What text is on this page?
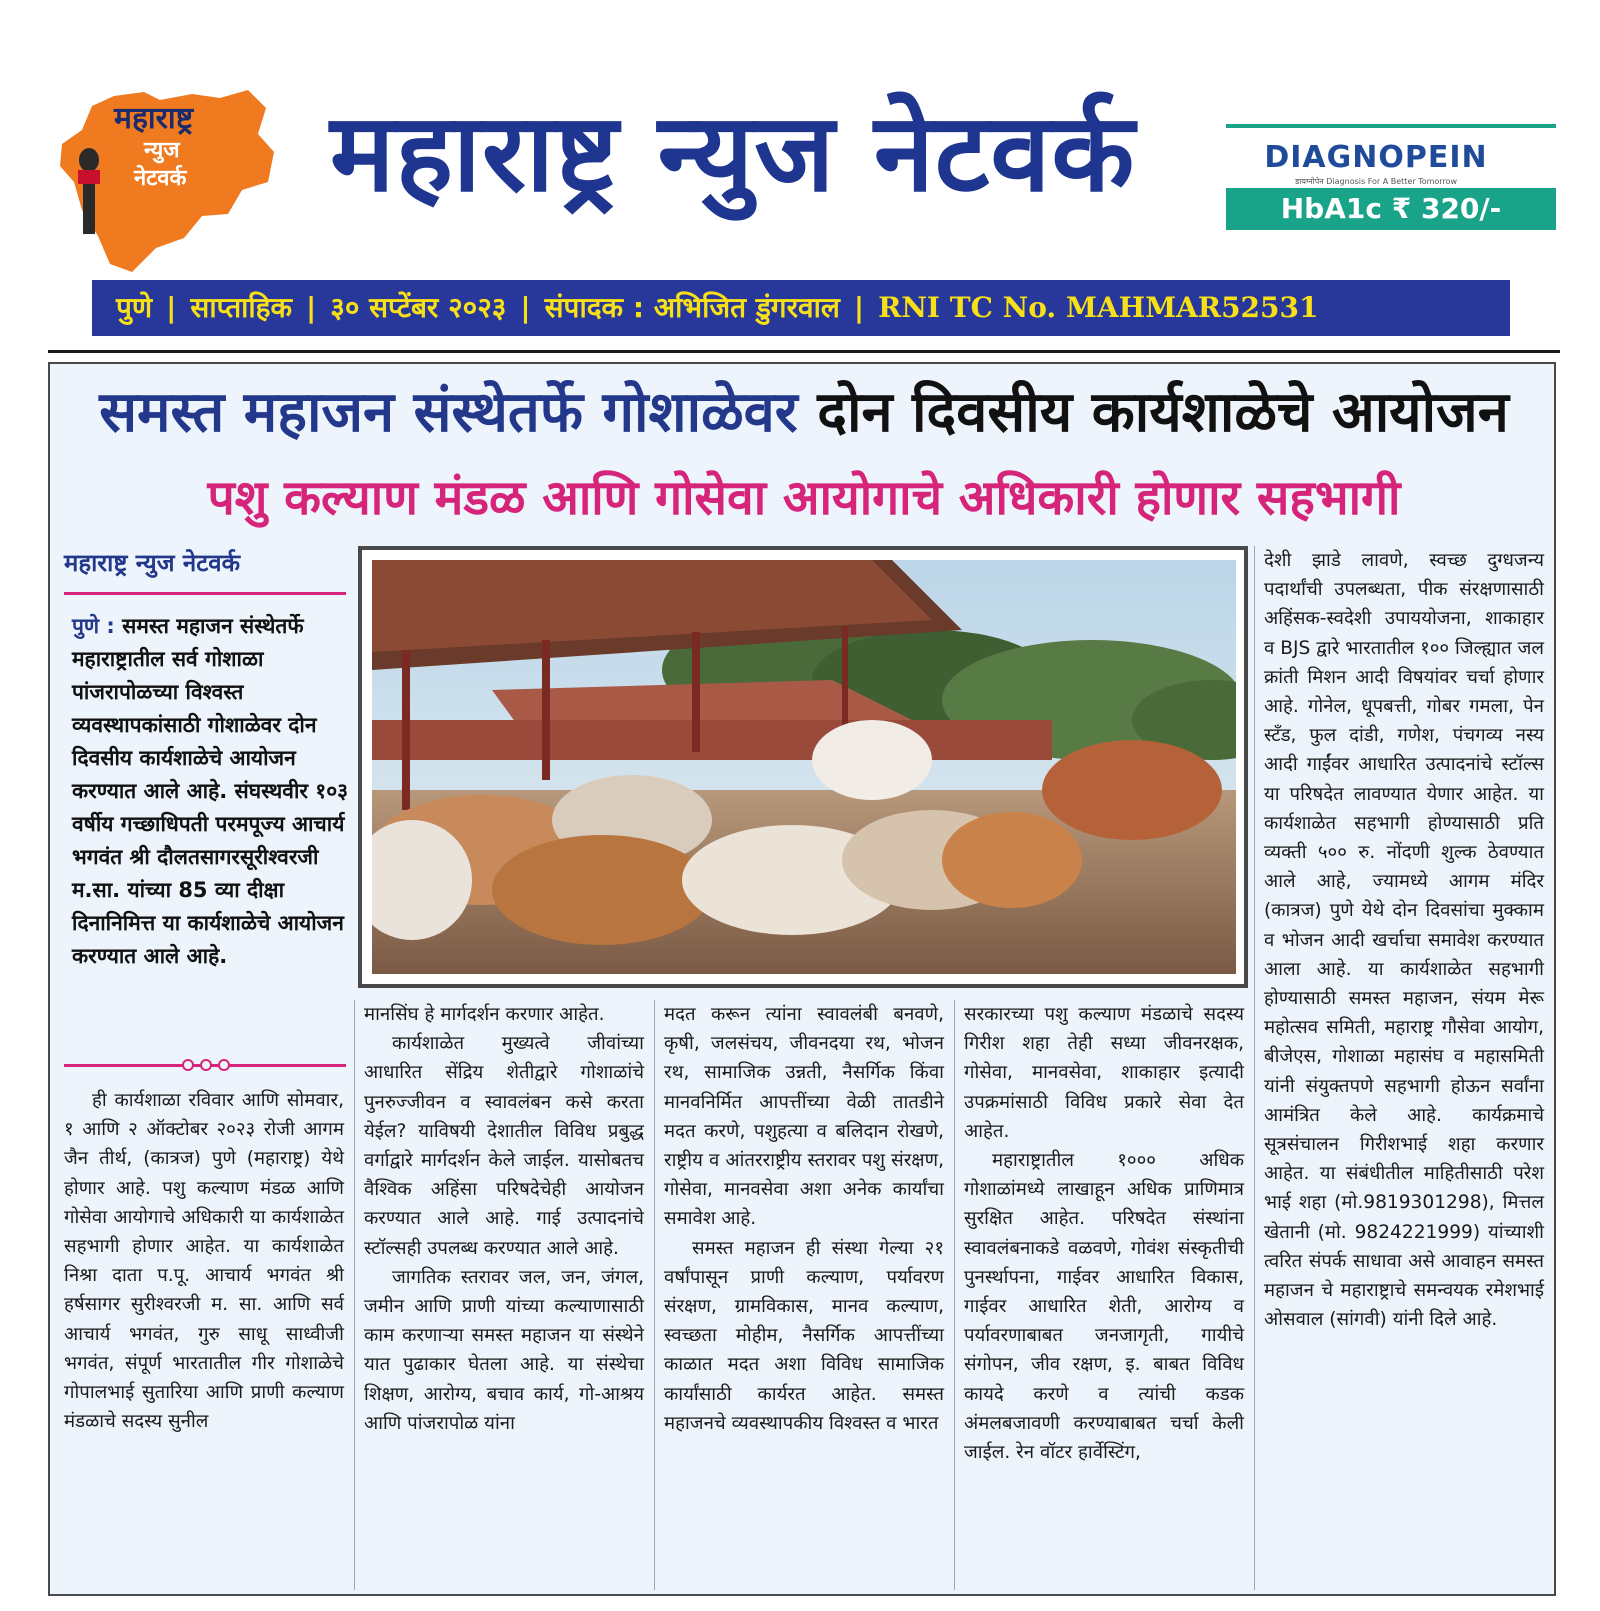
महाराष्ट्र
न्युज
नेटवर्क महाराष्ट्र न्युज नेटवर्क	DIAGNOPEIN
डायग्नोपेन Diagnosis For A Better Tomorrow
HbA1c ₹ 320/-
पुणे | साप्ताहिक | ३० सप्टेंबर २०२३ | संपादक : अभिजित डुंगरवाल | RNI TC No. MAHMAR52531
समस्त महाजन संस्थेतर्फे गोशाळेवर दोन दिवसीय कार्यशाळेचे आयोजन
पशु कल्याण मंडळ आणि गोसेवा आयोगाचे अधिकारी होणार सहभागी
महाराष्ट्र न्युज नेटवर्क
पुणे : समस्त महाजन संस्थेतर्फे महाराष्ट्रातील सर्व गोशाळा पांजरापोळच्या विश्वस्त व्यवस्थापकांसाठी गोशाळेवर दोन दिवसीय कार्यशाळेचे आयोजन करण्यात आले आहे. संघस्थवीर १०३ वर्षीय गच्छाधिपती परमपूज्य आचार्य भगवंत श्री दौलतसागरसूरीश्वरजी म.सा. यांच्या 85 व्या दीक्षा दिनानिमित्त या कार्यशाळेचे आयोजन करण्यात आले आहे.

ही कार्यशाळा रविवार आणि सोमवार, १ आणि २ ऑक्टोबर २०२३ रोजी आगम जैन तीर्थ, (कात्रज) पुणे (महाराष्ट्र) येथे होणार आहे. पशु कल्याण मंडळ आणि गोसेवा आयोगाचे अधिकारी या कार्यशाळेत सहभागी होणार आहेत. या कार्यशाळेत निश्रा दाता प.पू. आचार्य भगवंत श्री हर्षसागर सुरीश्वरजी म. सा. आणि सर्व आचार्य भगवंत, गुरु साधू साध्वीजी भगवंत, संपूर्ण भारतातील गीर गोशाळेचे गोपालभाई सुतारिया आणि प्राणी कल्याण मंडळाचे सदस्य सुनील

मानसिंघ हे मार्गदर्शन करणार आहेत.

कार्यशाळेत मुख्यत्वे जीवांच्या आधारित सेंद्रिय शेतीद्वारे गोशाळांचे पुनरुज्जीवन व स्वावलंबन कसे करता येईल? याविषयी देशातील विविध प्रबुद्ध वर्गाद्वारे मार्गदर्शन केले जाईल. यासोबतच वैश्विक अहिंसा परिषदेचेही आयोजन करण्यात आले आहे. गाई उत्पादनांचे स्टॉल्सही उपलब्ध करण्यात आले आहे.

जागतिक स्तरावर जल, जन, जंगल, जमीन आणि प्राणी यांच्या कल्याणासाठी काम करणाऱ्या समस्त महाजन या संस्थेने यात पुढाकार घेतला आहे. या संस्थेचा शिक्षण, आरोग्य, बचाव कार्य, गो-आश्रय आणि पांजरापोळ यांना

मदत करून त्यांना स्वावलंबी बनवणे, कृषी, जलसंचय, जीवनदया रथ, भोजन रथ, सामाजिक उन्नती, नैसर्गिक किंवा मानवनिर्मित आपत्तींच्या वेळी तातडीने मदत करणे, पशुहत्या व बलिदान रोखणे, राष्ट्रीय व आंतरराष्ट्रीय स्तरावर पशु संरक्षण, गोसेवा, मानवसेवा अशा अनेक कार्यांचा समावेश आहे.

समस्त महाजन ही संस्था गेल्या २१ वर्षांपासून प्राणी कल्याण, पर्यावरण संरक्षण, ग्रामविकास, मानव कल्याण, स्वच्छता मोहीम, नैसर्गिक आपत्तींच्या काळात मदत अशा विविध सामाजिक कार्यांसाठी कार्यरत आहेत. समस्त महाजनचे व्यवस्थापकीय विश्वस्त व भारत

सरकारच्या पशु कल्याण मंडळाचे सदस्य गिरीश शहा तेही सध्या जीवनरक्षक, गोसेवा, मानवसेवा, शाकाहार इत्यादी उपक्रमांसाठी विविध प्रकारे सेवा देत आहेत.

महाराष्ट्रातील १००० अधिक गोशाळांमध्ये लाखाहून अधिक प्राणिमात्र सुरक्षित आहेत. परिषदेत संस्थांना स्वावलंबनाकडे वळवणे, गोवंश संस्कृतीची पुनर्स्थापना, गाईवर आधारित विकास, गाईवर आधारित शेती, आरोग्य व पर्यावरणाबाबत जनजागृती, गायीचे संगोपन, जीव रक्षण, इ. बाबत विविध कायदे करणे व त्यांची कडक अंमलबजावणी करण्याबाबत चर्चा केली जाईल. रेन वॉटर हार्वेस्टिंग,

देशी झाडे लावणे, स्वच्छ दुग्धजन्य पदार्थांची उपलब्धता, पीक संरक्षणासाठी अहिंसक-स्वदेशी उपाययोजना, शाकाहार व BJS द्वारे भारतातील १०० जिल्ह्यात जल क्रांती मिशन आदी विषयांवर चर्चा होणार आहे. गोनेल, धूपबत्ती, गोबर गमला, पेन स्टँड, फुल दांडी, गणेश, पंचगव्य नस्य आदी गाईंवर आधारित उत्पादनांचे स्टॉल्स या परिषदेत लावण्यात येणार आहेत. या कार्यशाळेत सहभागी होण्यासाठी प्रति व्यक्ती ५०० रु. नोंदणी शुल्क ठेवण्यात आले आहे, ज्यामध्ये आगम मंदिर (कात्रज) पुणे येथे दोन दिवसांचा मुक्काम व भोजन आदी खर्चाचा समावेश करण्यात आला आहे. या कार्यशाळेत सहभागी होण्यासाठी समस्त महाजन, संयम मेरू महोत्सव समिती, महाराष्ट्र गौसेवा आयोग, बीजेएस, गोशाळा महासंघ व महासमिती यांनी संयुक्तपणे सहभागी होऊन सर्वांना आमंत्रित केले आहे. कार्यक्रमाचे सूत्रसंचालन गिरीशभाई शहा करणार आहेत. या संबंधीतील माहितीसाठी परेश भाई शहा (मो.9819301298), मित्तल खेतानी (मो. 9824221999) यांच्याशी त्वरित संपर्क साधावा असे आवाहन समस्त महाजन चे महाराष्ट्राचे समन्वयक रमेशभाई ओसवाल (सांगवी) यांनी दिले आहे.
